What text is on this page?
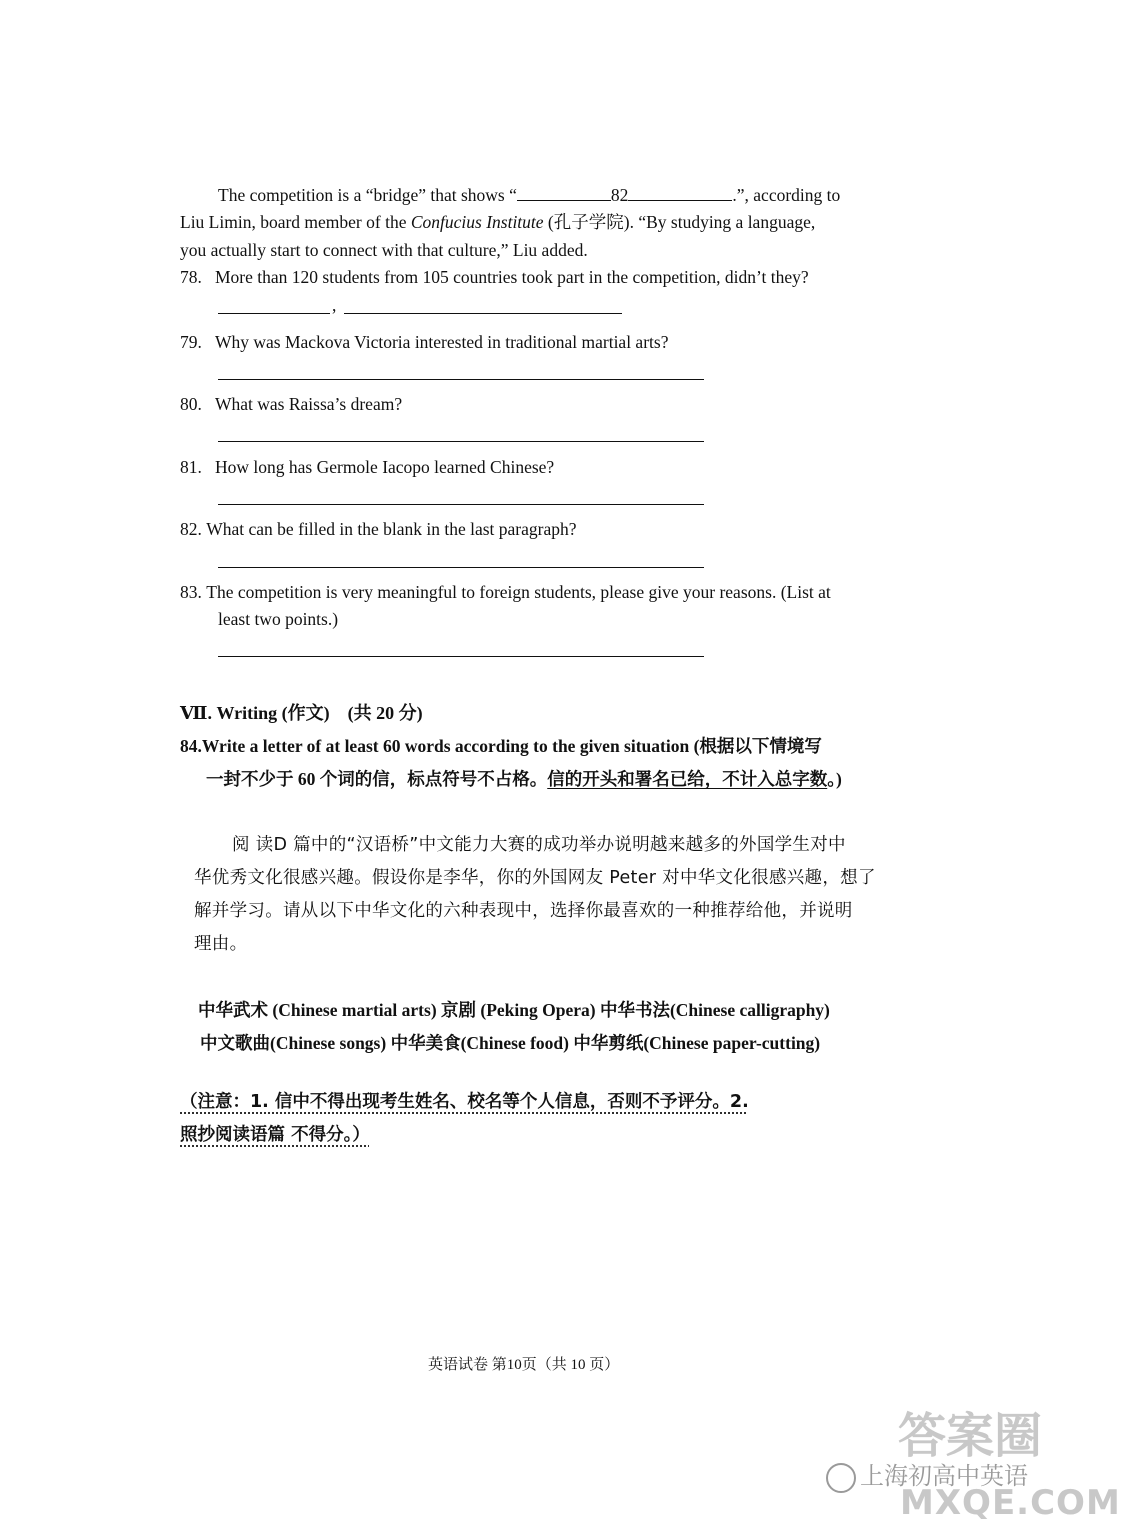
The competition is a “bridge” that shows “	82	.”, according to
Liu Limin, board member of the Confucius Institute (孔子学院). “By studying a language,
you actually start to connect with that culture,” Liu added.
78. More than 120 students from 105 countries took part in the competition, didn’t they?
,
79. Why was Mackova Victoria interested in traditional martial arts?
80. What was Raissa’s dream?
81. How long has Germole Iacopo learned Chinese?
82. What can be filled in the blank in the last paragraph?
83. The competition is very meaningful to foreign students, please give your reasons. (List at
least two points.)
Ⅶ. Writing (作文) (共 20 分)
84.Write a letter of at least 60 words according to the given situation (根据以下情境写
一封不少于 60 个词的信，标点符号不占格。信的开头和署名已给，不计入总字数。)
阅 读D 篇中的“汉语桥”中文能力大赛的成功举办说明越来越多的外国学生对中
华优秀文化很感兴趣。假设你是李华，你的外国网友 Peter 对中华文化很感兴趣，想了
解并学习。请从以下中华文化的六种表现中，选择你最喜欢的一种推荐给他，并说明
理由。
中华武术 (Chinese martial arts) 京剧 (Peking Opera) 中华书法(Chinese calligraphy)
中文歌曲(Chinese songs) 中华美食(Chinese food) 中华剪纸(Chinese paper-cutting)
（注意：1. 信中不得出现考生姓名、校名等个人信息，否则不予评分。2.
照抄阅读语篇 不得分。）
英语试卷 第10页（共 10 页）
上海初高中英语
答案圈
MXQE.COM
